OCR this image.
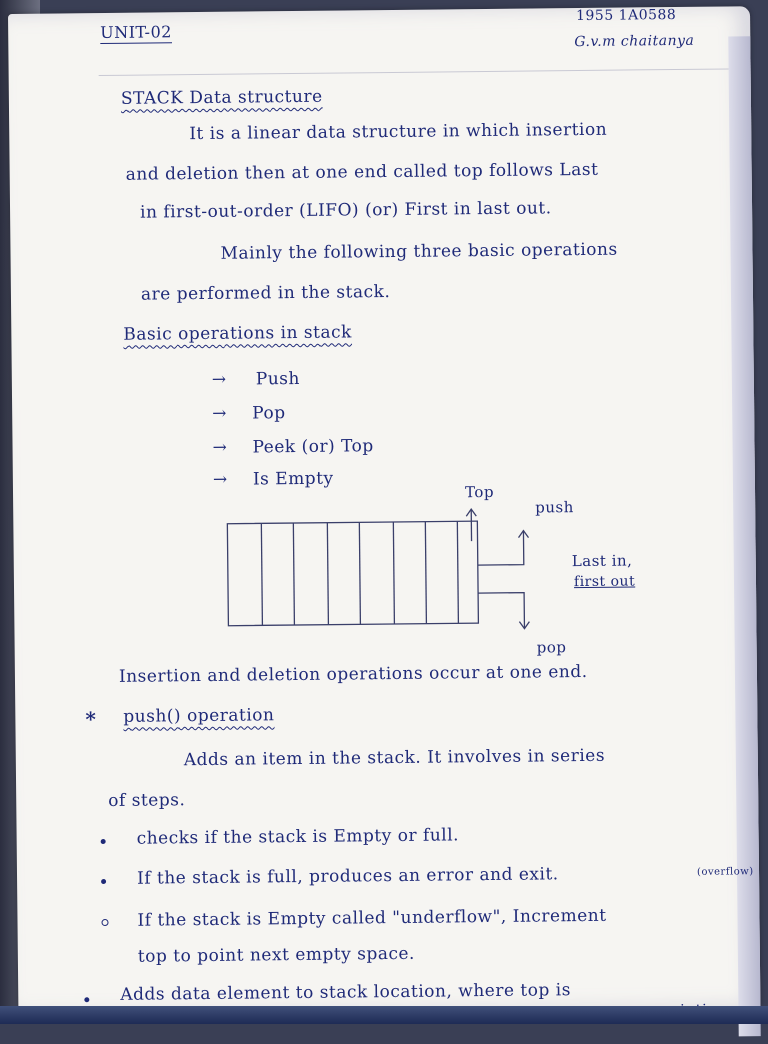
UNIT-02
1955 1A0588
G.v.m chaitanya
STACK Data structure
It is a linear data structure in which insertion
and deletion then at one end called top follows Last
in first-out-order (LIFO) (or) First in last out.
Mainly the following three basic operations
are performed in the stack.
Basic operations in stack
→ Push
→ Pop
→ Peek (or) Top
→ Is Empty
Top
push
Last in,
first out
pop
Insertion and deletion operations occur at one end.
* push() operation
Adds an item in the stack. It involves in series
of steps.
checks if the stack is Empty or full.
If the stack is full, produces an error and exit.	(overflow)
If the stack is Empty called "underflow", Increment
top to point next empty space.
Adds data element to stack location, where top is
